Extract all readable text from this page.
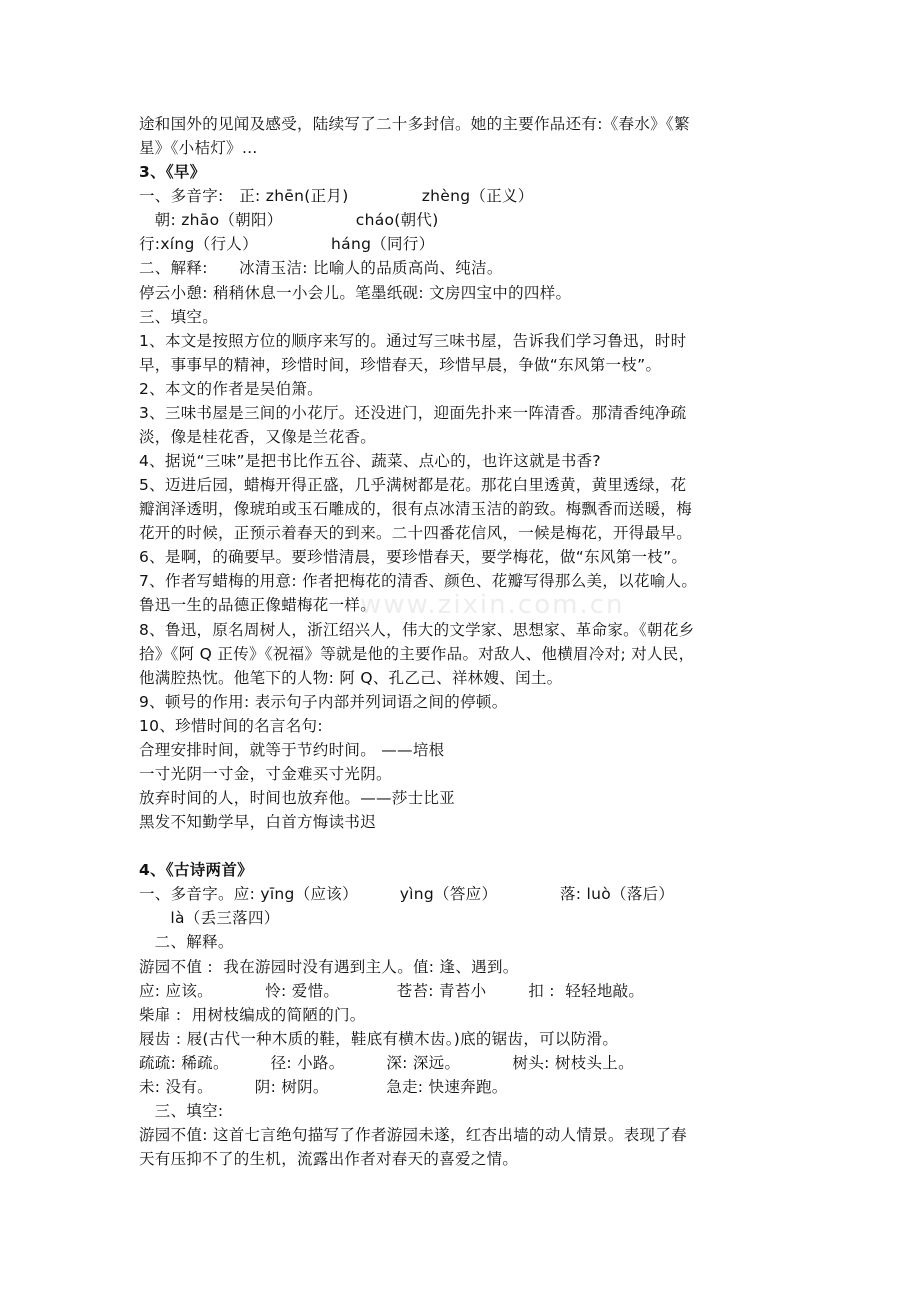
www.zixin.com.cn
途和国外的见闻及感受，陆续写了二十多封信。她的主要作品还有:《春水》《繁
星》《小桔灯》…
3、《早》
一、多音字:   正: zhēn(正月)              zhèng（正义）
朝: zhāo（朝阳）              cháo(朝代)
行:xíng（行人）              háng（同行）
二、解释:      冰清玉洁: 比喻人的品质高尚、纯洁。
停云小憩: 稍稍休息一小会儿。笔墨纸砚: 文房四宝中的四样。
三、填空。
1、本文是按照方位的顺序来写的。通过写三味书屋，告诉我们学习鲁迅，时时
早，事事早的精神，珍惜时间，珍惜春天，珍惜早晨，争做“东风第一枝”。
2、本文的作者是吴伯箫。
3、三味书屋是三间的小花厅。还没进门，迎面先扑来一阵清香。那清香纯净疏
淡，像是桂花香，又像是兰花香。
4、据说“三味”是把书比作五谷、蔬菜、点心的，也许这就是书香?
5、迈进后园，蜡梅开得正盛，几乎满树都是花。那花白里透黄，黄里透绿，花
瓣润泽透明，像琥珀或玉石雕成的，很有点冰清玉洁的韵致。梅飘香而送暖，梅
花开的时候，正预示着春天的到来。二十四番花信风，一候是梅花，开得最早。
6、是啊，的确要早。要珍惜清晨，要珍惜春天，要学梅花，做“东风第一枝”。
7、作者写蜡梅的用意: 作者把梅花的清香、颜色、花瓣写得那么美，以花喻人。
鲁迅一生的品德正像蜡梅花一样。
8、鲁迅，原名周树人，浙江绍兴人，伟大的文学家、思想家、革命家。《朝花乡
拾》《阿 Q 正传》《祝福》等就是他的主要作品。对敌人、他横眉冷对; 对人民，
他满腔热忱。他笔下的人物: 阿 Q、孔乙己、祥林嫂、闰土。
9、顿号的作用: 表示句子内部并列词语之间的停顿。
10、珍惜时间的名言名句:
合理安排时间，就等于节约时间。 ——培根
一寸光阴一寸金，寸金难买寸光阴。
放弃时间的人，时间也放弃他。——莎士比亚
黑发不知勤学早，白首方悔读书迟
4、《古诗两首》
一、多音字。应: yīng（应该）        yìng（答应）            落: luò（落后）
là（丢三落四）
二、解释。
游园不值 :  我在游园时没有遇到主人。值: 逢、遇到。
应: 应该。          怜: 爱惜。           苍苔: 青苔小        扣 :  轻轻地敲。
柴扉 :  用树枝编成的简陋的门。
屐齿 : 屐(古代一种木质的鞋，鞋底有横木齿。)底的锯齿，可以防滑。
疏疏: 稀疏。        径: 小路。        深: 深远。          树头: 树枝头上。
未: 没有。        阴: 树阴。           急走: 快速奔跑。
三、填空:
游园不值: 这首七言绝句描写了作者游园未遂，红杏出墙的动人情景。表现了春
天有压抑不了的生机，流露出作者对春天的喜爱之情。
